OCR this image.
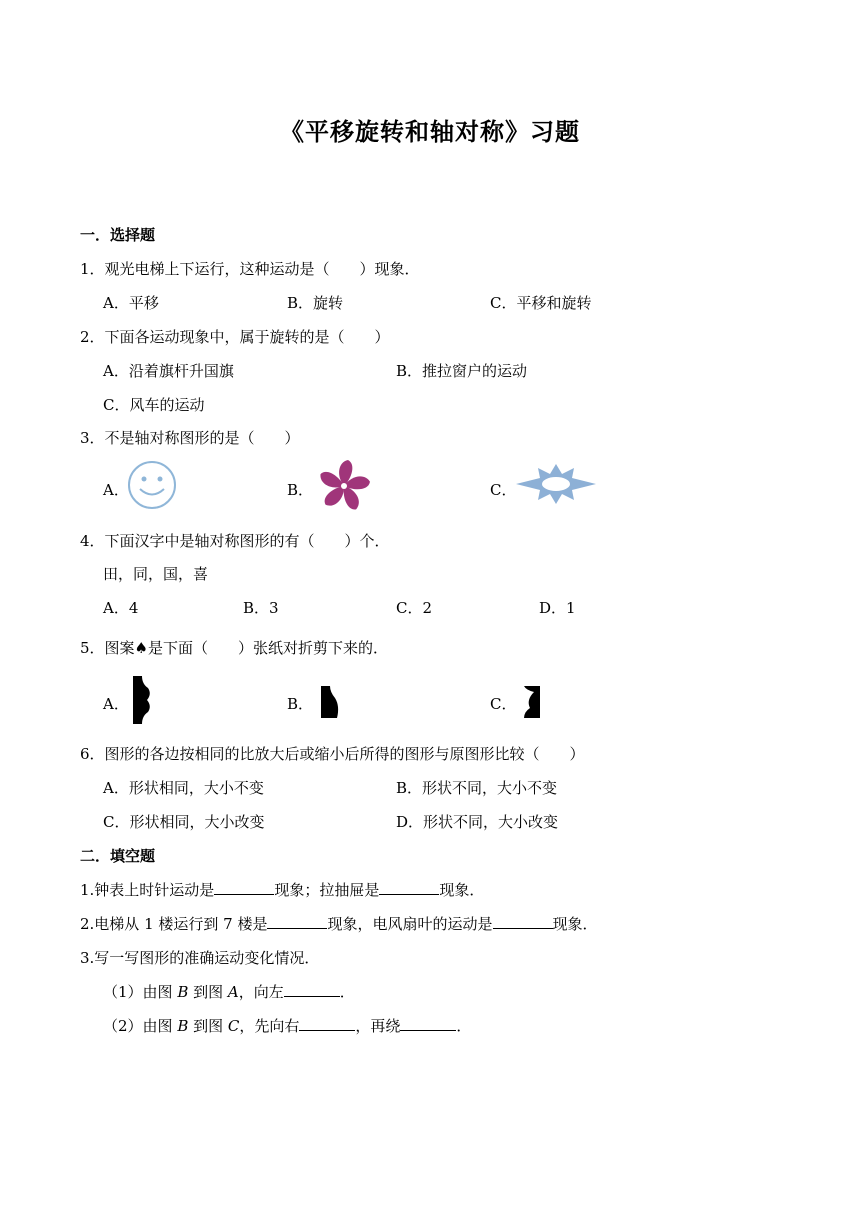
《平移旋转和轴对称》习题
一．选择题
1．观光电梯上下运行，这种运动是（　　）现象．
A．平移	B．旋转	C．平移和旋转
2．下面各运动现象中，属于旋转的是（　　）
A．沿着旗杆升国旗	B．推拉窗户的运动
C．风车的运动
3．不是轴对称图形的是（　　）
A．	B．	C．
4．下面汉字中是轴对称图形的有（　　）个．
田，同，国，喜
A．4	B．3	C．2	D．1
5．图案♠是下面（　　）张纸对折剪下来的．
A．	B．	C．
6．图形的各边按相同的比放大后或缩小后所得的图形与原图形比较（　　）
A．形状相同，大小不变	B．形状不同，大小不变
C．形状相同，大小改变	D．形状不同，大小改变
二．填空题
1.钟表上时针运动是	现象；拉抽屉是	现象．
2.电梯从 1 楼运行到 7 楼是	现象，电风扇叶的运动是	现象．
3.写一写图形的准确运动变化情况．
（1）由图 B 到图 A，向左	．
（2）由图 B 到图 C，先向右	，再绕	．
